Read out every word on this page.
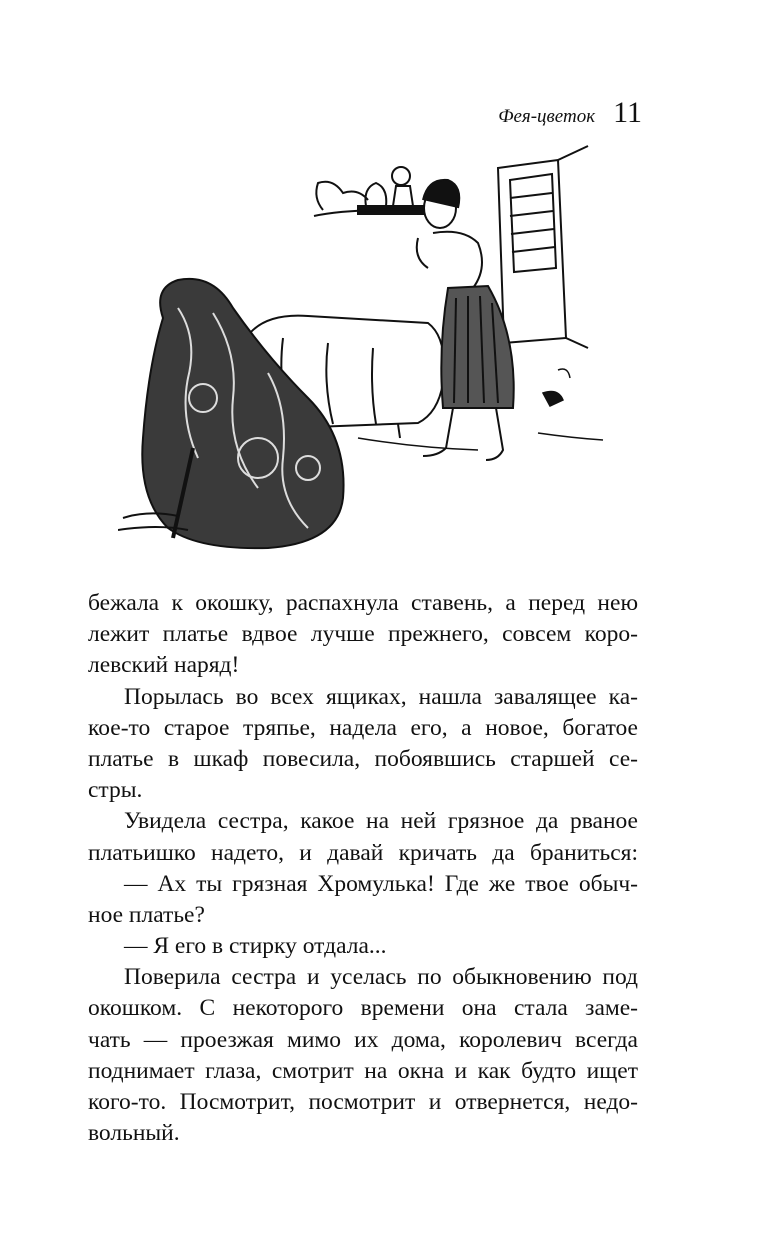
Фея-цветок 11
бежала к окошку, распахнула ставень, а перед нею
лежит платье вдвое лучше прежнего, совсем коро-
левский наряд!
Порылась во всех ящиках, нашла завалящее ка-
кое-то старое тряпье, надела его, а новое, богатое
платье в шкаф повесила, побоявшись старшей се-
стры.
Увидела сестра, какое на ней грязное да рваное
платьишко надето, и давай кричать да браниться:
— Ах ты грязная Хромулька! Где же твое обыч-
ное платье?
— Я его в стирку отдала...
Поверила сестра и уселась по обыкновению под
окошком. С некоторого времени она стала заме-
чать — проезжая мимо их дома, королевич всегда
поднимает глаза, смотрит на окна и как будто ищет
кого-то. Посмотрит, посмотрит и отвернется, недо-
вольный.
